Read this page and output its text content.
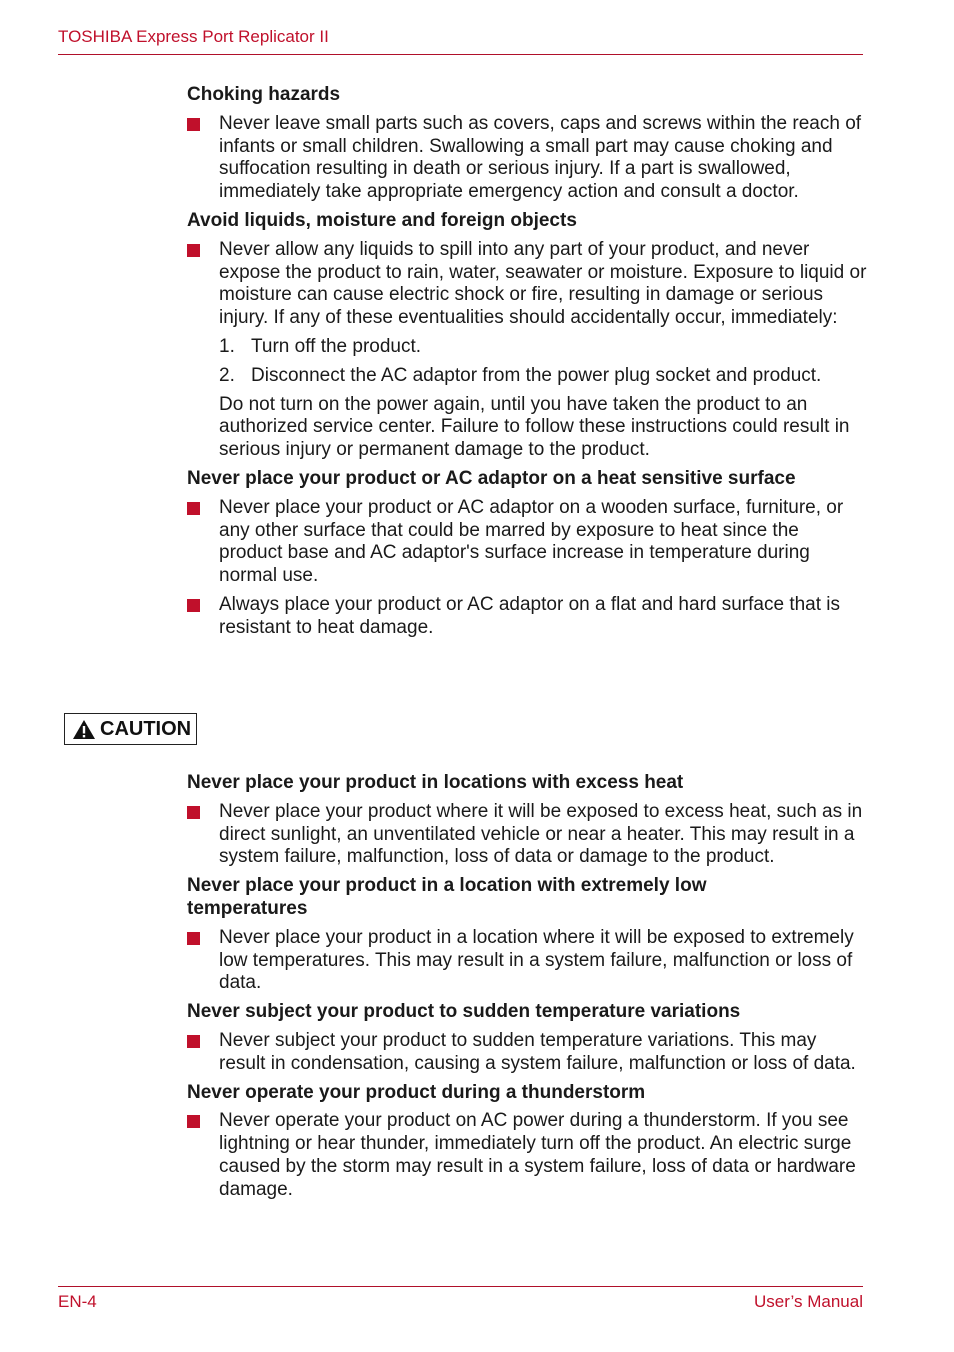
TOSHIBA Express Port Replicator II
Choking hazards
Never leave small parts such as covers, caps and screws within the reach of infants or small children. Swallowing a small part may cause choking and suffocation resulting in death or serious injury. If a part is swallowed, immediately take appropriate emergency action and consult a doctor.
Avoid liquids, moisture and foreign objects
Never allow any liquids to spill into any part of your product, and never expose the product to rain, water, seawater or moisture. Exposure to liquid or moisture can cause electric shock or fire, resulting in damage or serious injury. If any of these eventualities should accidentally occur, immediately:
1. Turn off the product.
2. Disconnect the AC adaptor from the power plug socket and product.
Do not turn on the power again, until you have taken the product to an authorized service center. Failure to follow these instructions could result in serious injury or permanent damage to the product.
Never place your product or AC adaptor on a heat sensitive surface
Never place your product or AC adaptor on a wooden surface, furniture, or any other surface that could be marred by exposure to heat since the product base and AC adaptor's surface increase in temperature during normal use.
Always place your product or AC adaptor on a flat and hard surface that is resistant to heat damage.
CAUTION
Never place your product in locations with excess heat
Never place your product where it will be exposed to excess heat, such as in direct sunlight, an unventilated vehicle or near a heater. This may result in a system failure, malfunction, loss of data or damage to the product.
Never place your product in a location with extremely low temperatures
Never place your product in a location where it will be exposed to extremely low temperatures. This may result in a system failure, malfunction or loss of data.
Never subject your product to sudden temperature variations
Never subject your product to sudden temperature variations. This may result in condensation, causing a system failure, malfunction or loss of data.
Never operate your product during a thunderstorm
Never operate your product on AC power during a thunderstorm. If you see lightning or hear thunder, immediately turn off the product. An electric surge caused by the storm may result in a system failure, loss of data or hardware damage.
EN-4	User’s Manual
